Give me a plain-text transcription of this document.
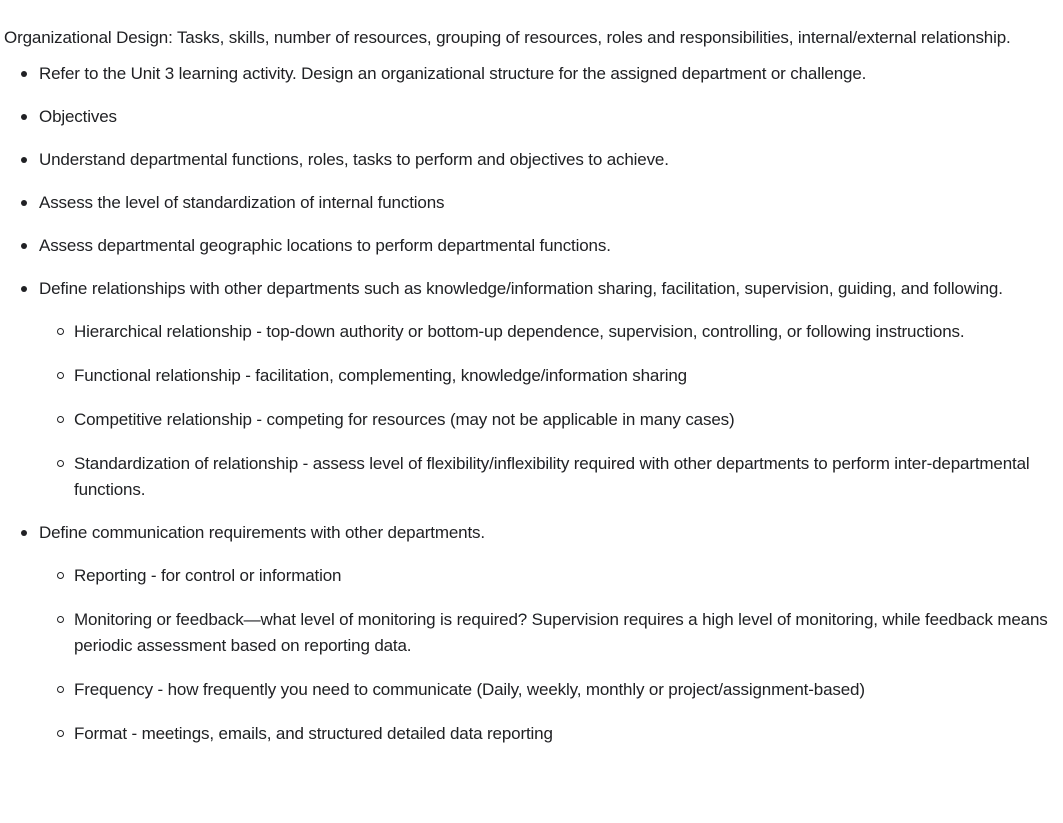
Organizational Design: Tasks, skills, number of resources, grouping of resources, roles and responsibilities, internal/external relationship.

Refer to the Unit 3 learning activity. Design an organizational structure for the assigned department or challenge.
Objectives
Understand departmental functions, roles, tasks to perform and objectives to achieve.
Assess the level of standardization of internal functions
Assess departmental geographic locations to perform departmental functions.
Define relationships with other departments such as knowledge/information sharing, facilitation, supervision, guiding, and following.
Hierarchical relationship - top-down authority or bottom-up dependence, supervision, controlling, or following instructions.
Functional relationship - facilitation, complementing, knowledge/information sharing
Competitive relationship - competing for resources (may not be applicable in many cases)
Standardization of relationship - assess level of flexibility/inflexibility required with other departments to perform inter-departmental functions.
Define communication requirements with other departments.
Reporting - for control or information
Monitoring or feedback—what level of monitoring is required? Supervision requires a high level of monitoring, while feedback means periodic assessment based on reporting data.
Frequency - how frequently you need to communicate (Daily, weekly, monthly or project/assignment-based)
Format - meetings, emails, and structured detailed data reporting
